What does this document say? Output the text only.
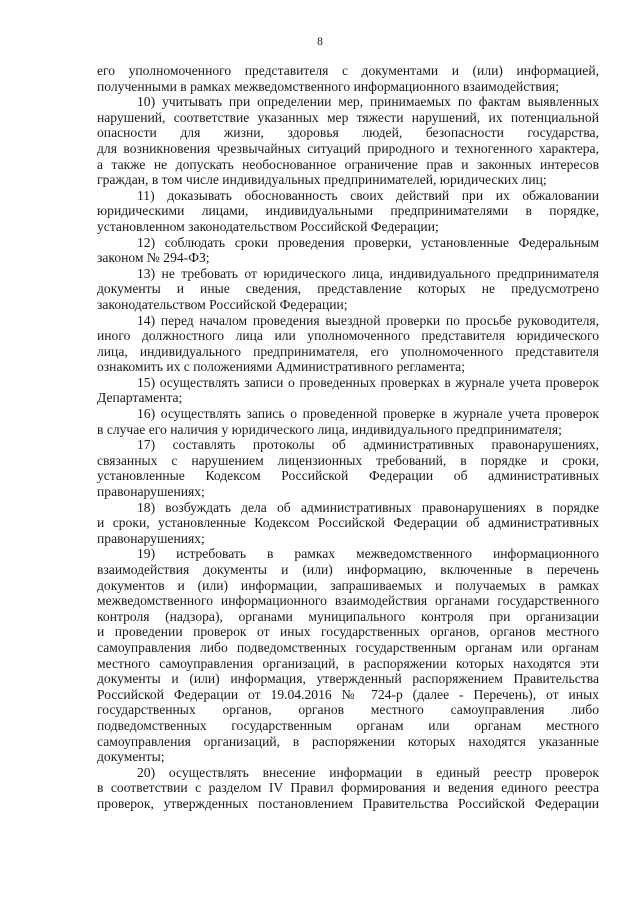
8
его уполномоченного представителя с документами и (или) информацией,
полученными в рамках межведомственного информационного взаимодействия;
10) учитывать при определении мер, принимаемых по фактам выявленных
нарушений, соответствие указанных мер тяжести нарушений, их потенциальной
опасности для жизни, здоровья людей, безопасности государства,
для возникновения чрезвычайных ситуаций природного и техногенного характера,
а также не допускать необоснованное ограничение прав и законных интересов
граждан, в том числе индивидуальных предпринимателей, юридических лиц;
11) доказывать обоснованность своих действий при их обжаловании
юридическими лицами, индивидуальными предпринимателями в порядке,
установленном законодательством Российской Федерации;
12) соблюдать сроки проведения проверки, установленные Федеральным
законом № 294-ФЗ;
13) не требовать от юридического лица, индивидуального предпринимателя
документы и иные сведения, представление которых не предусмотрено
законодательством Российской Федерации;
14) перед началом проведения выездной проверки по просьбе руководителя,
иного должностного лица или уполномоченного представителя юридического
лица, индивидуального предпринимателя, его уполномоченного представителя
ознакомить их с положениями Административного регламента;
15) осуществлять записи о проведенных проверках в журнале учета проверок
Департамента;
16) осуществлять запись о проведенной проверке в журнале учета проверок
в случае его наличия у юридического лица, индивидуального предпринимателя;
17) составлять протоколы об административных правонарушениях,
связанных с нарушением лицензионных требований, в порядке и сроки,
установленные Кодексом Российской Федерации об административных
правонарушениях;
18) возбуждать дела об административных правонарушениях в порядке
и сроки, установленные Кодексом Российской Федерации об административных
правонарушениях;
19) истребовать в рамках межведомственного информационного
взаимодействия документы и (или) информацию, включенные в перечень
документов и (или) информации, запрашиваемых и получаемых в рамках
межведомственного информационного взаимодействия органами государственного
контроля (надзора), органами муниципального контроля при организации
и проведении проверок от иных государственных органов, органов местного
самоуправления либо подведомственных государственным органам или органам
местного самоуправления организаций, в распоряжении которых находятся эти
документы и (или) информация, утвержденный распоряжением Правительства
Российской Федерации от 19.04.2016 № 724-р (далее - Перечень), от иных
государственных органов, органов местного самоуправления либо
подведомственных государственным органам или органам местного
самоуправления организаций, в распоряжении которых находятся указанные
документы;
20) осуществлять внесение информации в единый реестр проверок
в соответствии с разделом IV Правил формирования и ведения единого реестра
проверок, утвержденных постановлением Правительства Российской Федерации
